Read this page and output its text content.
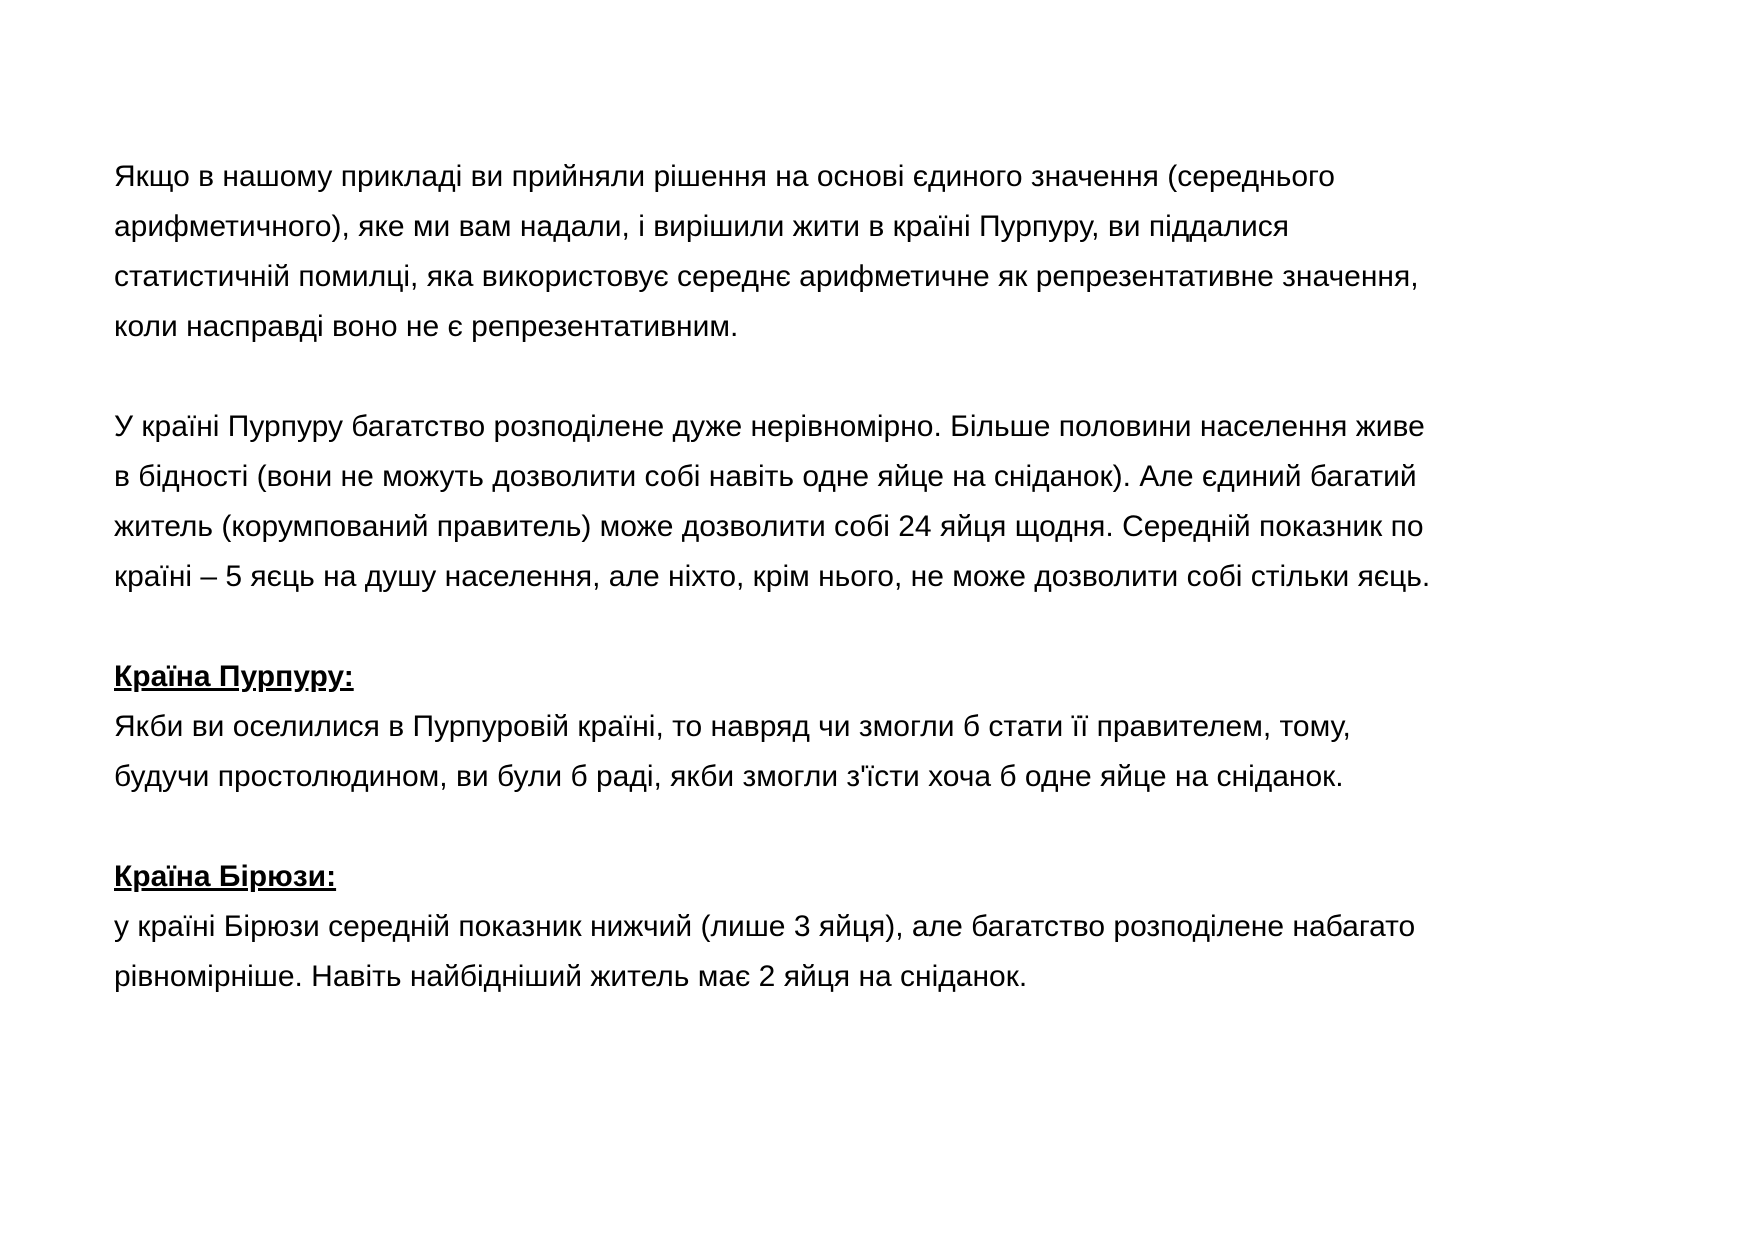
Якщо в нашому прикладі ви прийняли рішення на основі єдиного значення (середнього
арифметичного), яке ми вам надали, і вирішили жити в країні Пурпуру, ви піддалися
статистичній помилці, яка використовує середнє арифметичне як репрезентативне значення,
коли насправді воно не є репрезентативним.

У країні Пурпуру багатство розподілене дуже нерівномірно. Більше половини населення живе
в бідності (вони не можуть дозволити собі навіть одне яйце на сніданок). Але єдиний багатий
житель (корумпований правитель) може дозволити собі 24 яйця щодня. Середній показник по
країні – 5 яєць на душу населення, але ніхто, крім нього, не може дозволити собі стільки яєць.

Країна Пурпуру:

Якби ви оселилися в Пурпуровій країні, то навряд чи змогли б стати її правителем, тому,
будучи простолюдином, ви були б раді, якби змогли з'їсти хоча б одне яйце на сніданок.

Країна Бірюзи:

у країні Бірюзи середній показник нижчий (лише 3 яйця), але багатство розподілене набагато
рівномірніше. Навіть найбідніший житель має 2 яйця на сніданок.
